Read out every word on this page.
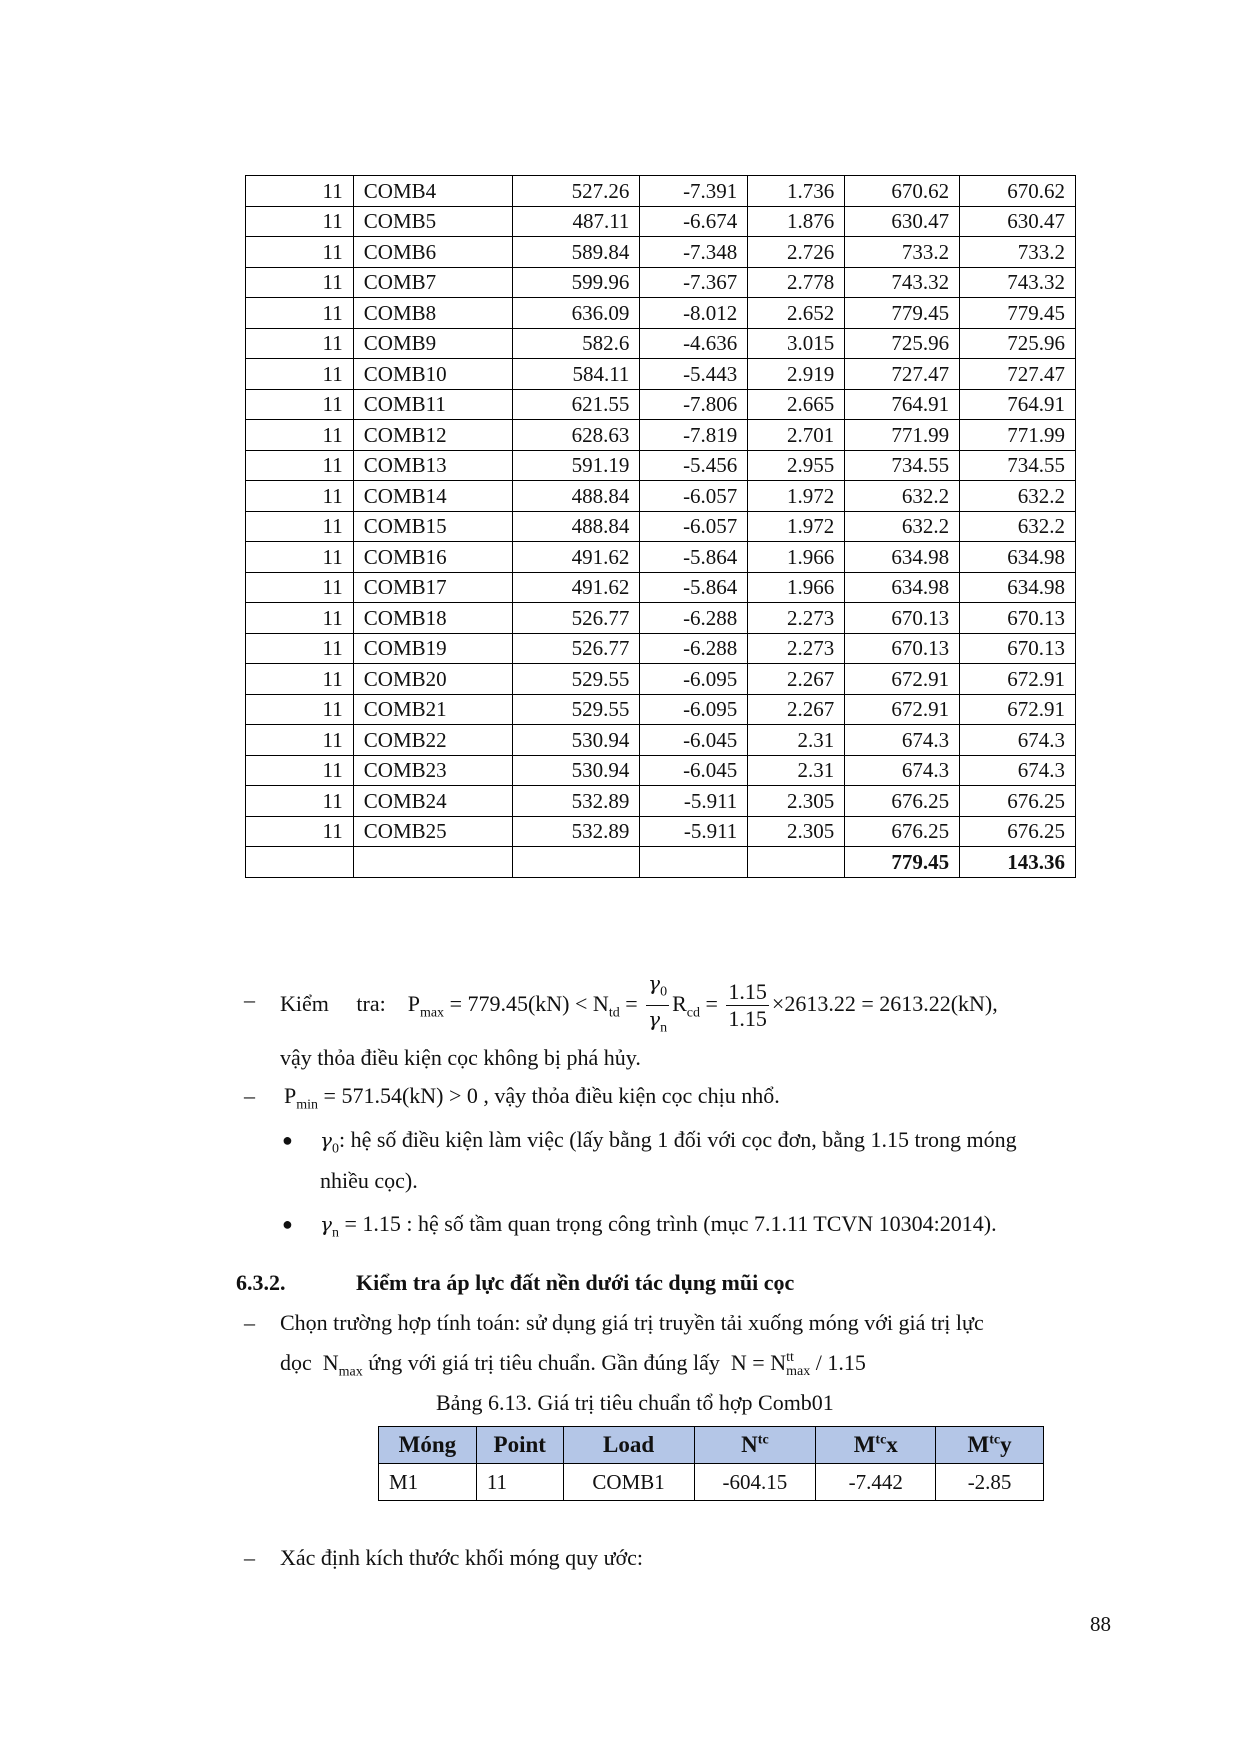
11	COMB4	527.26	-7.391	1.736	670.62	670.62
11	COMB5	487.11	-6.674	1.876	630.47	630.47
11	COMB6	589.84	-7.348	2.726	733.2	733.2
11	COMB7	599.96	-7.367	2.778	743.32	743.32
11	COMB8	636.09	-8.012	2.652	779.45	779.45
11	COMB9	582.6	-4.636	3.015	725.96	725.96
11	COMB10	584.11	-5.443	2.919	727.47	727.47
11	COMB11	621.55	-7.806	2.665	764.91	764.91
11	COMB12	628.63	-7.819	2.701	771.99	771.99
11	COMB13	591.19	-5.456	2.955	734.55	734.55
11	COMB14	488.84	-6.057	1.972	632.2	632.2
11	COMB15	488.84	-6.057	1.972	632.2	632.2
11	COMB16	491.62	-5.864	1.966	634.98	634.98
11	COMB17	491.62	-5.864	1.966	634.98	634.98
11	COMB18	526.77	-6.288	2.273	670.13	670.13
11	COMB19	526.77	-6.288	2.273	670.13	670.13
11	COMB20	529.55	-6.095	2.267	672.91	672.91
11	COMB21	529.55	-6.095	2.267	672.91	672.91
11	COMB22	530.94	-6.045	2.31	674.3	674.3
11	COMB23	530.94	-6.045	2.31	674.3	674.3
11	COMB24	532.89	-5.911	2.305	676.25	676.25
11	COMB25	532.89	-5.911	2.305	676.25	676.25
					779.45	143.36
– Kiểm     tra: $P_{max} = 779.45(kN) < N_{td} = \frac{\gamma_0}{\gamma_n} R_{cd} = \frac{1.15}{1.15} \times 2613.22 = 2613.22(kN)$,
vậy thỏa điều kiện cọc không bị phá hủy.
– $P_{min} = 571.54(kN) > 0$ , vậy thỏa điều kiện cọc chịu nhổ.
● $\gamma_0$: hệ số điều kiện làm việc (lấy bằng 1 đối với cọc đơn, bằng 1.15 trong móng
nhiều cọc).
● $\gamma_n = 1.15$ : hệ số tầm quan trọng công trình (mục 7.1.11 TCVN 10304:2014).
6.3.2.	Kiểm tra áp lực đất nền dưới tác dụng mũi cọc
– Chọn trường hợp tính toán: sử dụng giá trị truyền tải xuống móng với giá trị lực
dọc  $N_{max}$ ứng với giá trị tiêu chuẩn. Gần đúng lấy  N = N tt
max / 1.15
Bảng 6.13. Giá trị tiêu chuẩn tổ hợp Comb01
Móng	Point	Load	$N^{tc}$	$M^{tc}x$	$M^{tc}y$
M1	11	COMB1	-604.15	-7.442	-2.85
– Xác định kích thước khối móng quy ước:
88
